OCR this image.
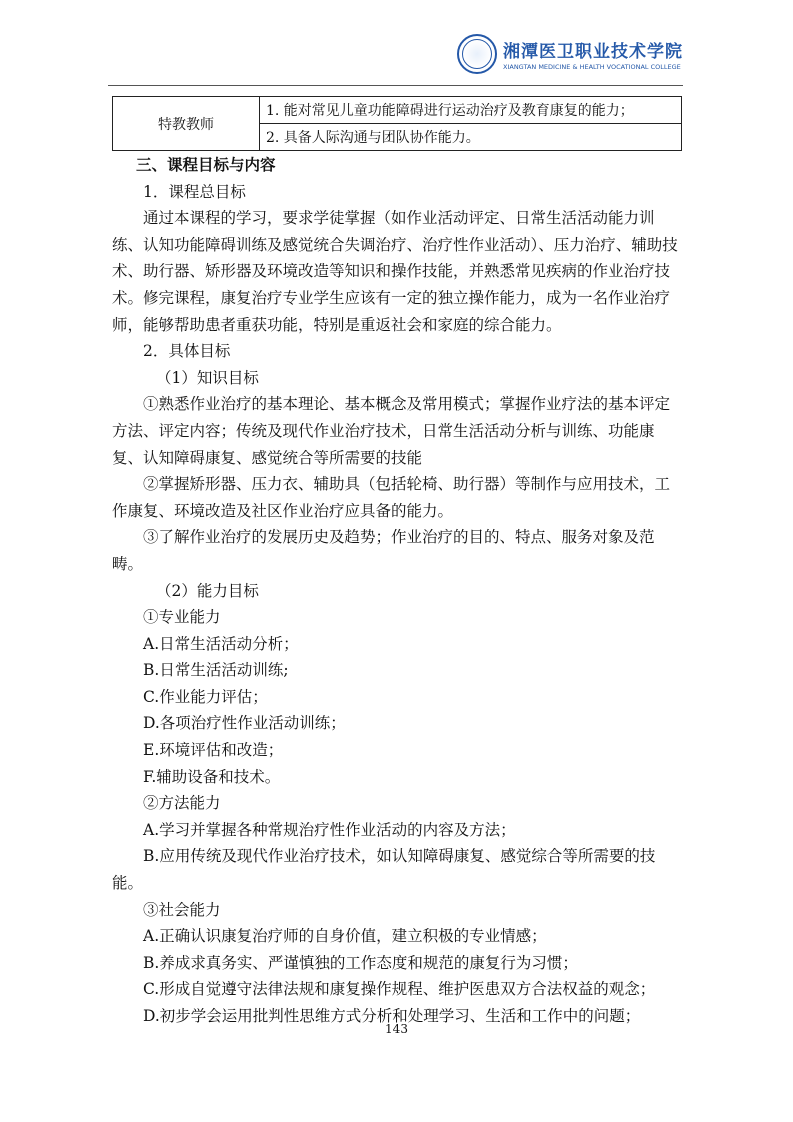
湘潭医卫职业技术学院
XIANGTAN MEDICINE & HEALTH VOCATIONAL COLLEGE
特教教师	1. 能对常见儿童功能障碍进行运动治疗及教育康复的能力；
2. 具备人际沟通与团队协作能力。

三、课程目标与内容

1．课程总目标

通过本课程的学习，要求学徒掌握（如作业活动评定、日常生活活动能力训练、认知功能障碍训练及感觉统合失调治疗、治疗性作业活动）、压力治疗、辅助技术、助行器、矫形器及环境改造等知识和操作技能，并熟悉常见疾病的作业治疗技术。修完课程，康复治疗专业学生应该有一定的独立操作能力，成为一名作业治疗师，能够帮助患者重获功能，特别是重返社会和家庭的综合能力。

2．具体目标

（1）知识目标

①熟悉作业治疗的基本理论、基本概念及常用模式；掌握作业疗法的基本评定方法、评定内容；传统及现代作业治疗技术，日常生活活动分析与训练、功能康复、认知障碍康复、感觉统合等所需要的技能

②掌握矫形器、压力衣、辅助具（包括轮椅、助行器）等制作与应用技术，工作康复、环境改造及社区作业治疗应具备的能力。

③了解作业治疗的发展历史及趋势；作业治疗的目的、特点、服务对象及范畴。

（2）能力目标

①专业能力

A.日常生活活动分析；

B.日常生活活动训练;

C.作业能力评估；

D.各项治疗性作业活动训练；

E.环境评估和改造；

F.辅助设备和技术。

②方法能力

A.学习并掌握各种常规治疗性作业活动的内容及方法；

B.应用传统及现代作业治疗技术，如认知障碍康复、感觉综合等所需要的技能。

③社会能力

A.正确认识康复治疗师的自身价值，建立积极的专业情感；

B.养成求真务实、严谨慎独的工作态度和规范的康复行为习惯；

C.形成自觉遵守法律法规和康复操作规程、维护医患双方合法权益的观念；

D.初步学会运用批判性思维方式分析和处理学习、生活和工作中的问题；

143
